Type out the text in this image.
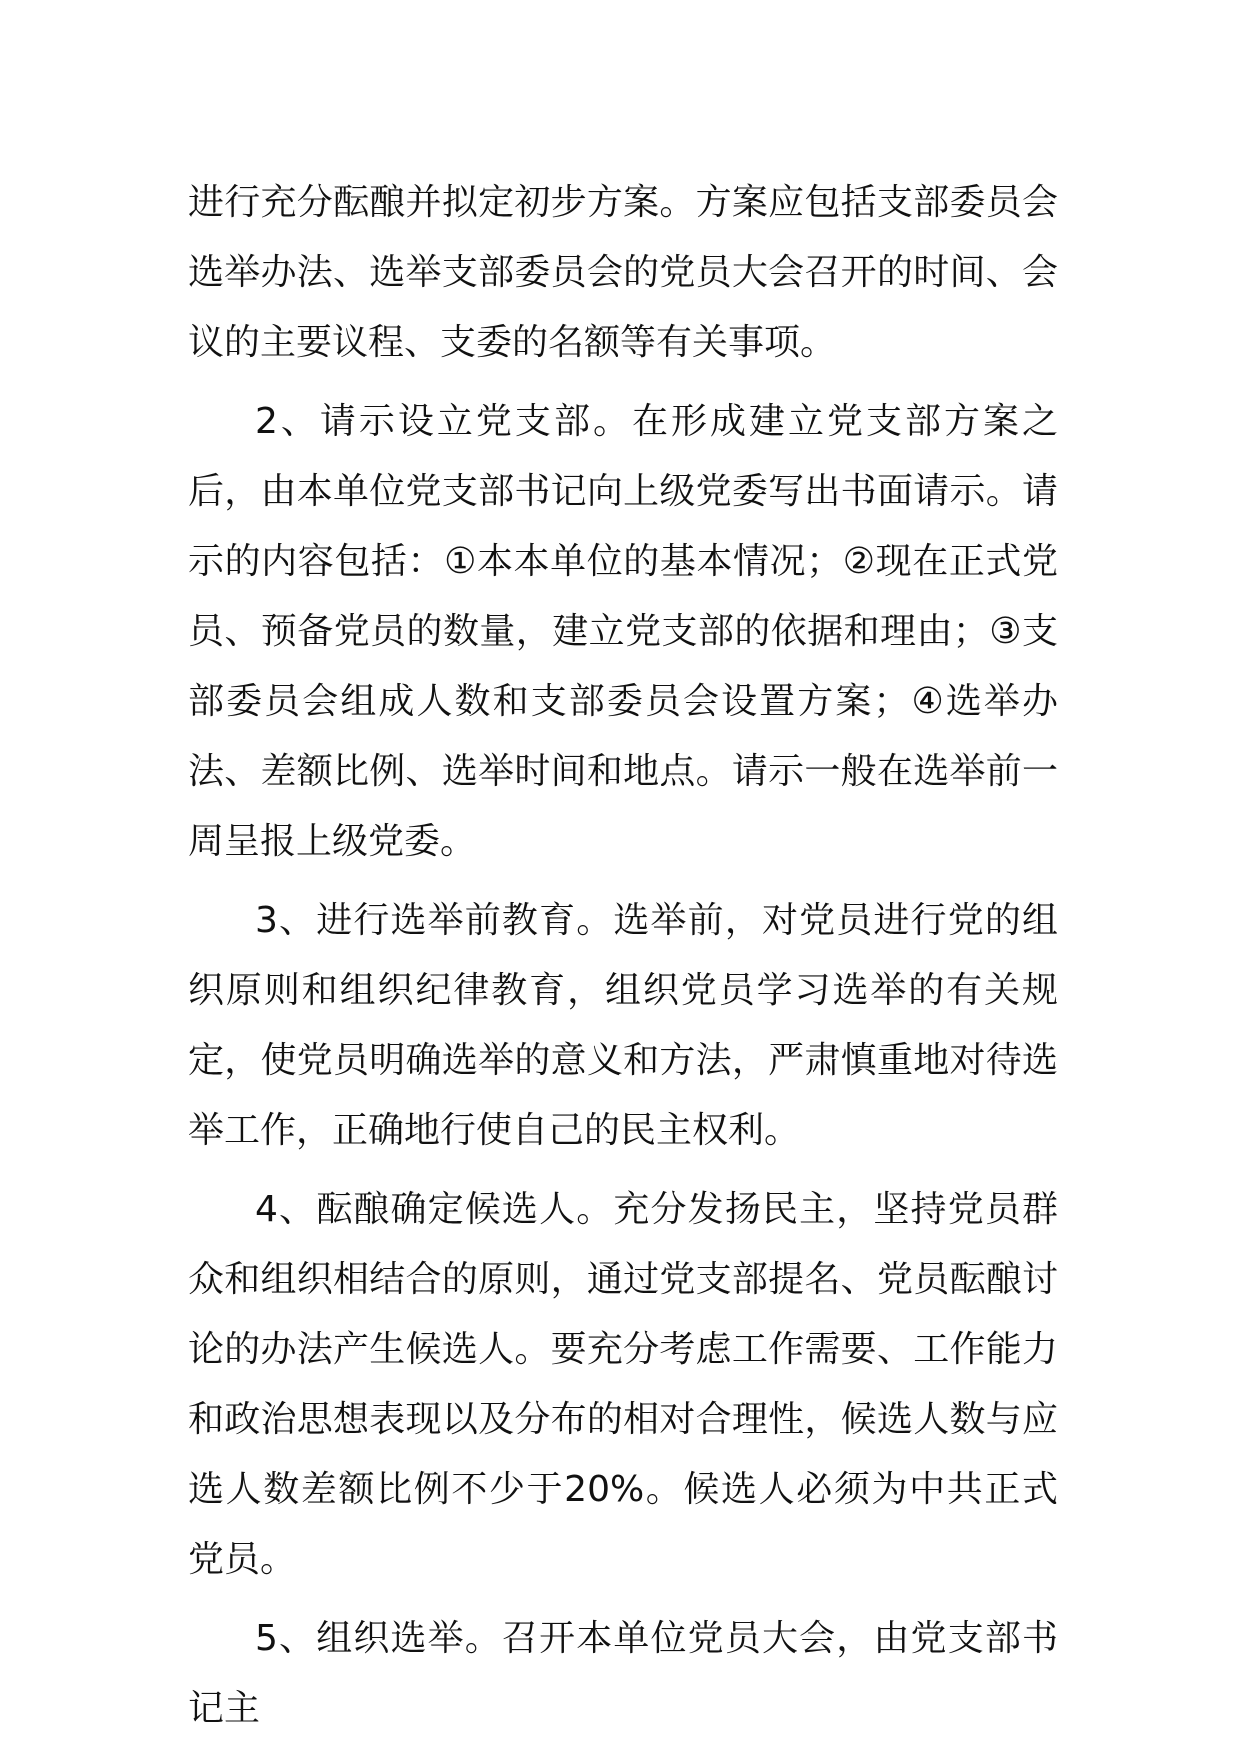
进行充分酝酿并拟定初步方案。方案应包括支部委员会选举办法、选举支部委员会的党员大会召开的时间、会议的主要议程、支委的名额等有关事项。

2、请示设立党支部。在形成建立党支部方案之后，由本单位党支部书记向上级党委写出书面请示。请示的内容包括：①本本单位的基本情况；②现在正式党员、预备党员的数量，建立党支部的依据和理由；③支部委员会组成人数和支部委员会设置方案；④选举办法、差额比例、选举时间和地点。请示一般在选举前一周呈报上级党委。

3、进行选举前教育。选举前，对党员进行党的组织原则和组织纪律教育，组织党员学习选举的有关规定，使党员明确选举的意义和方法，严肃慎重地对待选举工作，正确地行使自己的民主权利。

4、酝酿确定候选人。充分发扬民主，坚持党员群众和组织相结合的原则，通过党支部提名、党员酝酿讨论的办法产生候选人。要充分考虑工作需要、工作能力和政治思想表现以及分布的相对合理性，候选人数与应选人数差额比例不少于20%。候选人必须为中共正式党员。

5、组织选举。召开本单位党员大会，由党支部书记主
